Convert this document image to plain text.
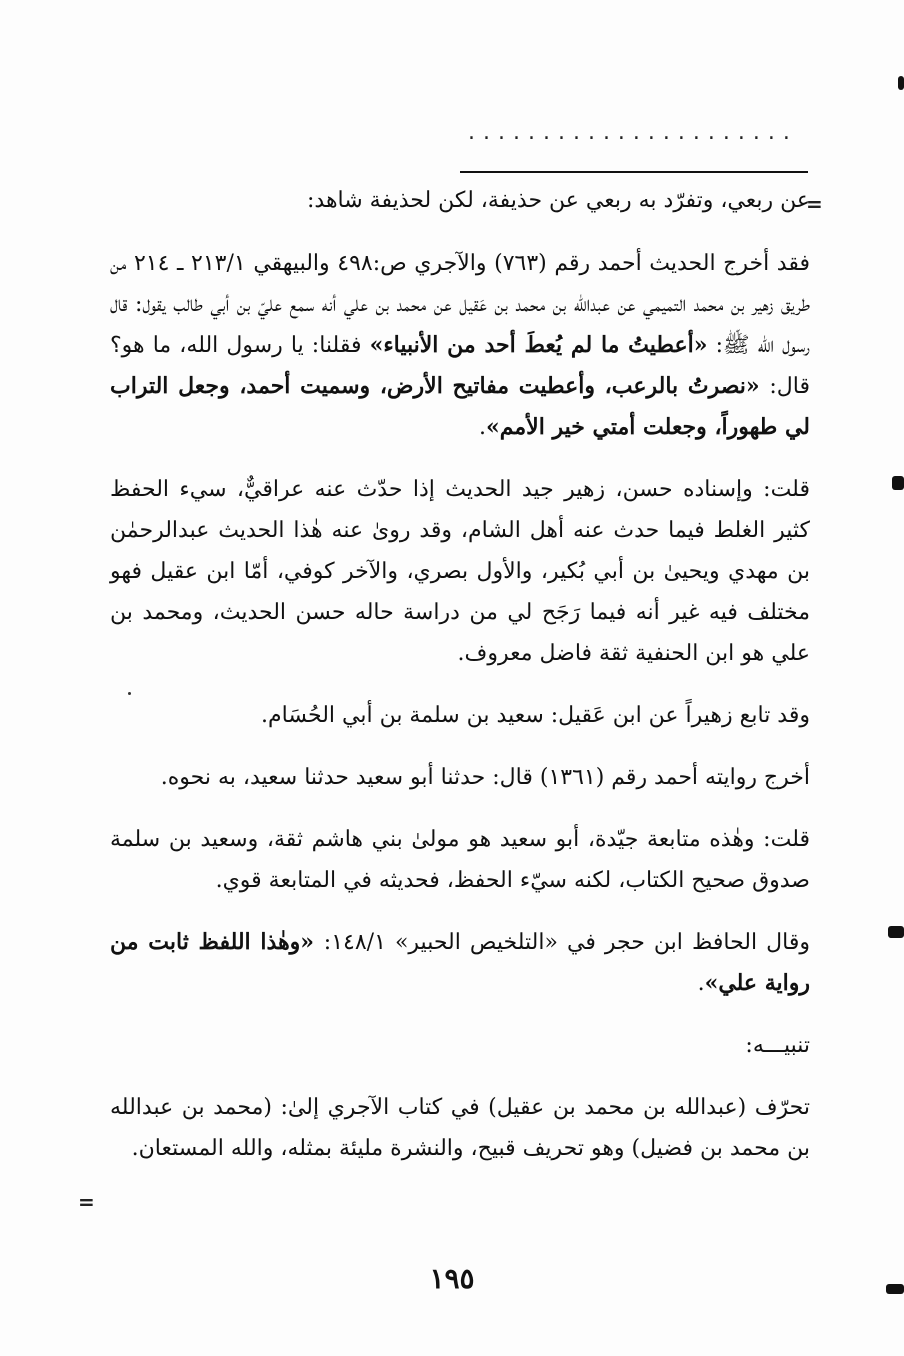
......................
=
=

عن ربعي، وتفرّد به ربعي عن حذيفة، لكن لحذيفة شاهد:

فقد أخرج الحديث أحمد رقم (٧٦٣) والآجري ص:٤٩٨ والبيهقي ٢١٣/١ ـ ٢١٤ من طريق زهير بن محمد التميمي عن عبدالله بن محمد بن عَقيل عن محمد بن علي أنه سمع عليّ بن أبي طالب يقول: قال رسول الله ﷺ: «أعطيتُ ما لم يُعطَ أحد من الأنبياء» فقلنا: يا رسول الله، ما هو؟ قال: «نصرتُ بالرعب، وأعطيت مفاتيح الأرض، وسميت أحمد، وجعل التراب لي طهوراً، وجعلت أمتي خير الأمم».

قلت: وإسناده حسن، زهير جيد الحديث إذا حدّث عنه عراقيٌّ، سيء الحفظ كثير الغلط فيما حدث عنه أهل الشام، وقد روىٰ عنه هٰذا الحديث عبدالرحمٰن بن مهدي ويحيىٰ بن أبي بُكير، والأول بصري، والآخر كوفي، أمّا ابن عقيل فهو مختلف فيه غير أنه فيما رَجَح لي من دراسة حاله حسن الحديث، ومحمد بن علي هو ابن الحنفية ثقة فاضل معروف.

وقد تابع زهيراً عن ابن عَقيل: سعيد بن سلمة بن أبي الحُسَام.

أخرج روايته أحمد رقم (١٣٦١) قال: حدثنا أبو سعيد حدثنا سعيد، به نحوه.

قلت: وهٰذه متابعة جيّدة، أبو سعيد هو مولىٰ بني هاشم ثقة، وسعيد بن سلمة صدوق صحيح الكتاب، لكنه سيّء الحفظ، فحديثه في المتابعة قوي.

وقال الحافظ ابن حجر في «التلخيص الحبير» ١٤٨/١: «وهٰذا اللفظ ثابت من رواية علي».

تنبيـــه:

تحرّف (عبدالله بن محمد بن عقيل) في كتاب الآجري إلىٰ: (محمد بن عبدالله بن محمد بن فضيل) وهو تحريف قبيح، والنشرة مليئة بمثله، والله المستعان.

١٩٥
